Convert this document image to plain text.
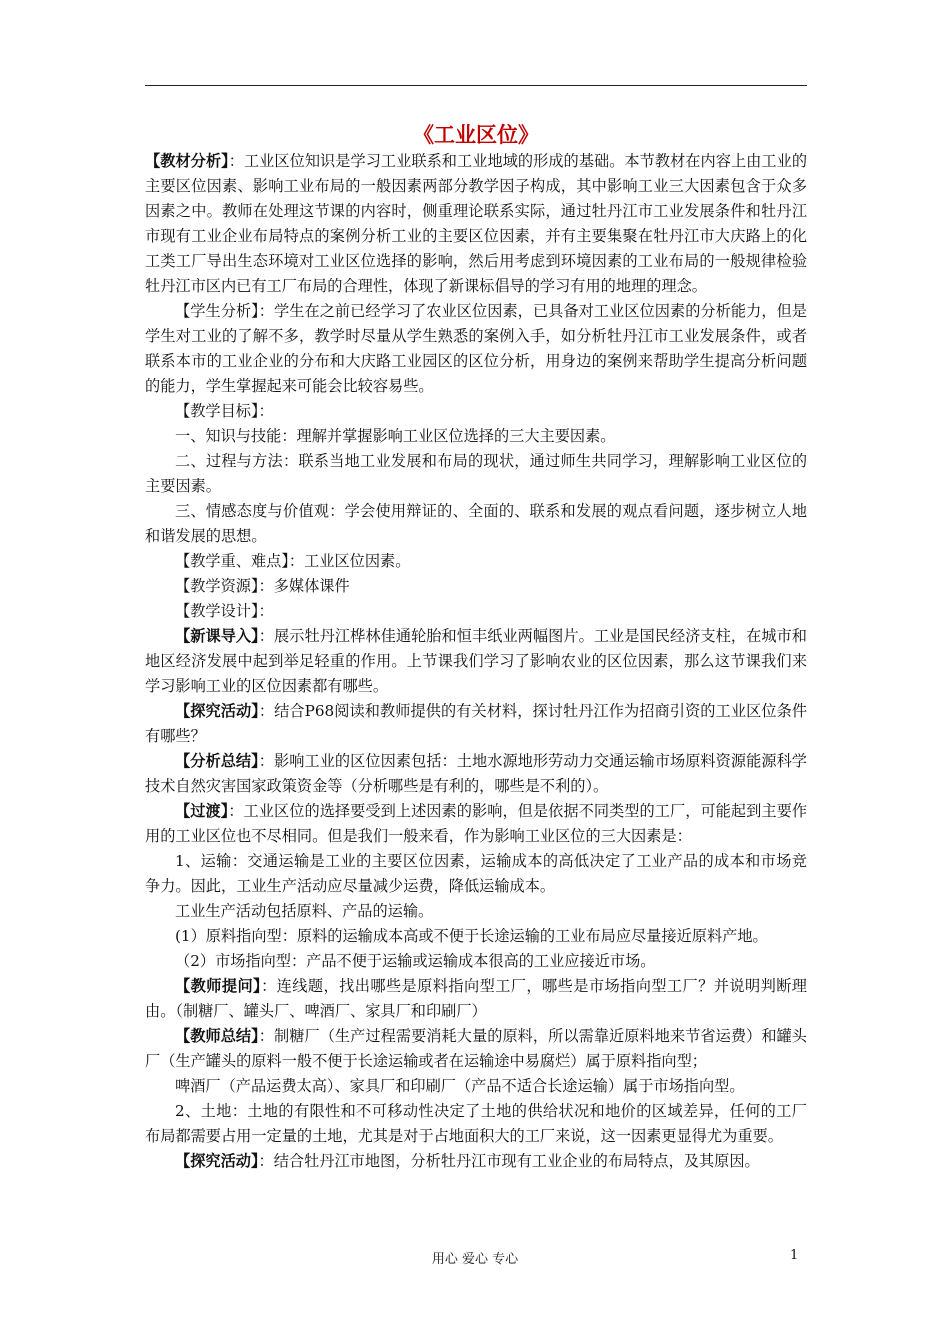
《工业区位》

【教材分析】：工业区位知识是学习工业联系和工业地域的形成的基础。本节教材在内容上由工业的主要区位因素、影响工业布局的一般因素两部分教学因子构成，其中影响工业三大因素包含于众多因素之中。教师在处理这节课的内容时，侧重理论联系实际，通过牡丹江市工业发展条件和牡丹江市现有工业企业布局特点的案例分析工业的主要区位因素，并有主要集聚在牡丹江市大庆路上的化工类工厂导出生态环境对工业区位选择的影响，然后用考虑到环境因素的工业布局的一般规律检验牡丹江市区内已有工厂布局的合理性，体现了新课标倡导的学习有用的地理的理念。

【学生分析】：学生在之前已经学习了农业区位因素，已具备对工业区位因素的分析能力，但是学生对工业的了解不多，教学时尽量从学生熟悉的案例入手，如分析牡丹江市工业发展条件，或者联系本市的工业企业的分布和大庆路工业园区的区位分析，用身边的案例来帮助学生提高分析问题的能力，学生掌握起来可能会比较容易些。

【教学目标】：

一、知识与技能：理解并掌握影响工业区位选择的三大主要因素。

二、过程与方法：联系当地工业发展和布局的现状，通过师生共同学习，理解影响工业区位的主要因素。

三、情感态度与价值观：学会使用辩证的、全面的、联系和发展的观点看问题，逐步树立人地和谐发展的思想。

【教学重、难点】：工业区位因素。

【教学资源】：多媒体课件

【教学设计】：

【新课导入】：展示牡丹江桦林佳通轮胎和恒丰纸业两幅图片。工业是国民经济支柱，在城市和地区经济发展中起到举足轻重的作用。上节课我们学习了影响农业的区位因素，那么这节课我们来学习影响工业的区位因素都有哪些。

【探究活动】：结合P68阅读和教师提供的有关材料，探讨牡丹江作为招商引资的工业区位条件有哪些？

【分析总结】：影响工业的区位因素包括：土地水源地形劳动力交通运输市场原料资源能源科学技术自然灾害国家政策资金等（分析哪些是有利的，哪些是不利的）。

【过渡】：工业区位的选择要受到上述因素的影响，但是依据不同类型的工厂，可能起到主要作用的工业区位也不尽相同。但是我们一般来看，作为影响工业区位的三大因素是：

1、运输：交通运输是工业的主要区位因素，运输成本的高低决定了工业产品的成本和市场竞争力。因此，工业生产活动应尽量减少运费，降低运输成本。

工业生产活动包括原料、产品的运输。

(1）原料指向型：原料的运输成本高或不便于长途运输的工业布局应尽量接近原料产地。

（2）市场指向型：产品不便于运输或运输成本很高的工业应接近市场。

【教师提问】：连线题，找出哪些是原料指向型工厂，哪些是市场指向型工厂？并说明判断理由。（制糖厂、罐头厂、啤酒厂、家具厂和印刷厂）

【教师总结】：制糖厂（生产过程需要消耗大量的原料，所以需靠近原料地来节省运费）和罐头厂（生产罐头的原料一般不便于长途运输或者在运输途中易腐烂）属于原料指向型；

啤酒厂（产品运费太高）、家具厂和印刷厂（产品不适合长途运输）属于市场指向型。

2、土地：土地的有限性和不可移动性决定了土地的供给状况和地价的区域差异，任何的工厂布局都需要占用一定量的土地，尤其是对于占地面积大的工厂来说，这一因素更显得尤为重要。

【探究活动】：结合牡丹江市地图，分析牡丹江市现有工业企业的布局特点，及其原因。

用心 爱心 专心	1
